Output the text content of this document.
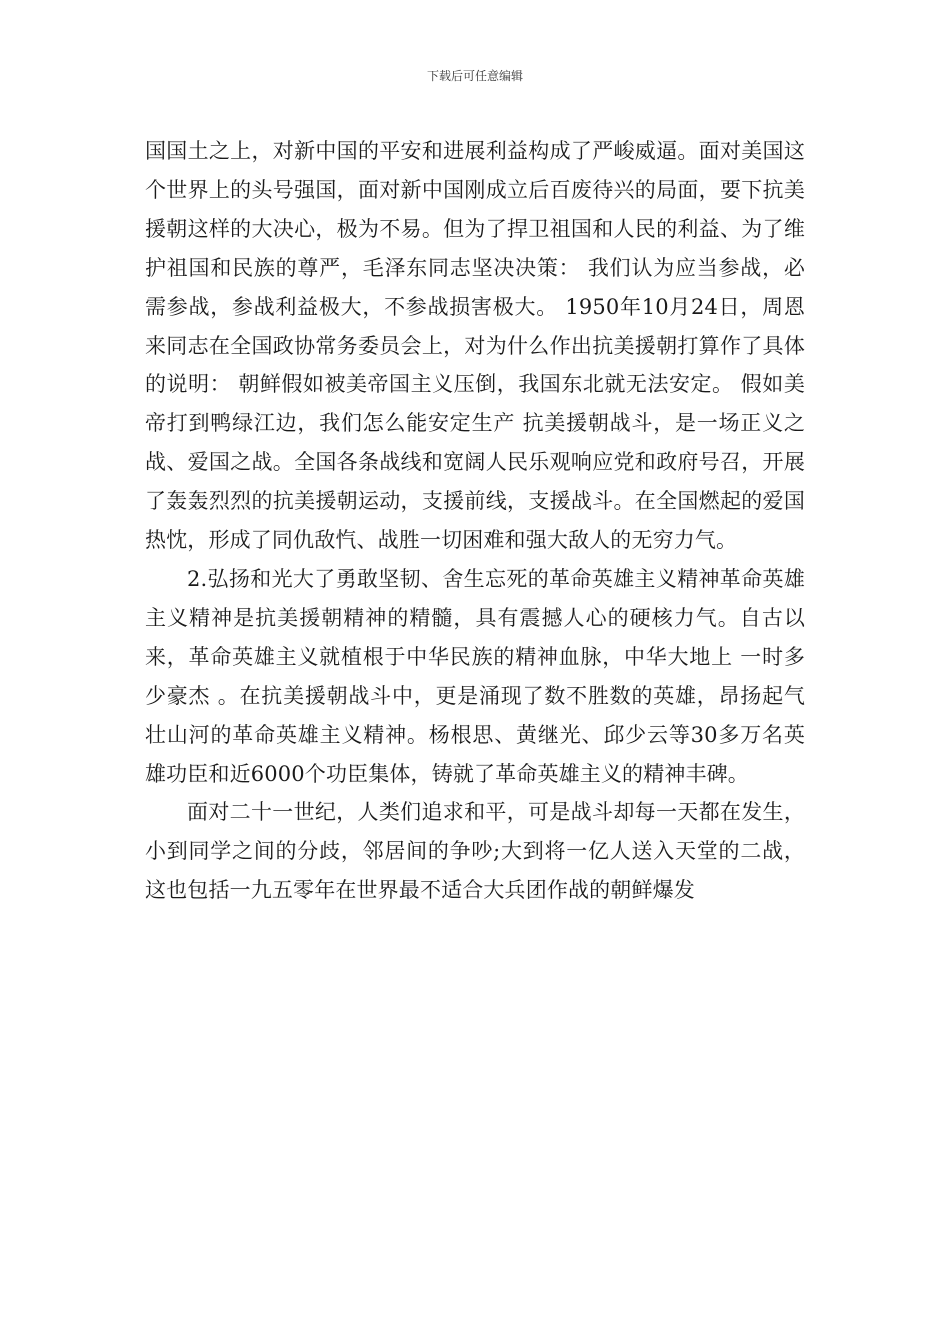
下载后可任意编辑

国国土之上，对新中国的平安和进展利益构成了严峻威逼。面对美国这个世界上的头号强国，面对新中国刚成立后百废待兴的局面，要下抗美援朝这样的大决心，极为不易。但为了捍卫祖国和人民的利益、为了维护祖国和民族的尊严，毛泽东同志坚决决策： 我们认为应当参战，必需参战，参战利益极大，不参战损害极大。 1950年10月24日，周恩来同志在全国政协常务委员会上，对为什么作出抗美援朝打算作了具体的说明： 朝鲜假如被美帝国主义压倒，我国东北就无法安定。 假如美帝打到鸭绿江边，我们怎么能安定生产 抗美援朝战斗，是一场正义之战、爱国之战。全国各条战线和宽阔人民乐观响应党和政府号召，开展了轰轰烈烈的抗美援朝运动，支援前线，支援战斗。在全国燃起的爱国热忱，形成了同仇敌忾、战胜一切困难和强大敌人的无穷力气。

2.弘扬和光大了勇敢坚韧、舍生忘死的革命英雄主义精神革命英雄主义精神是抗美援朝精神的精髓，具有震撼人心的硬核力气。自古以来，革命英雄主义就植根于中华民族的精神血脉，中华大地上 一时多少豪杰 。在抗美援朝战斗中，更是涌现了数不胜数的英雄，昂扬起气壮山河的革命英雄主义精神。杨根思、黄继光、邱少云等30多万名英雄功臣和近6000个功臣集体，铸就了革命英雄主义的精神丰碑。

面对二十一世纪，人类们追求和平，可是战斗却每一天都在发生，小到同学之间的分歧，邻居间的争吵;大到将一亿人送入天堂的二战，这也包括一九五零年在世界最不适合大兵团作战的朝鲜爆发
